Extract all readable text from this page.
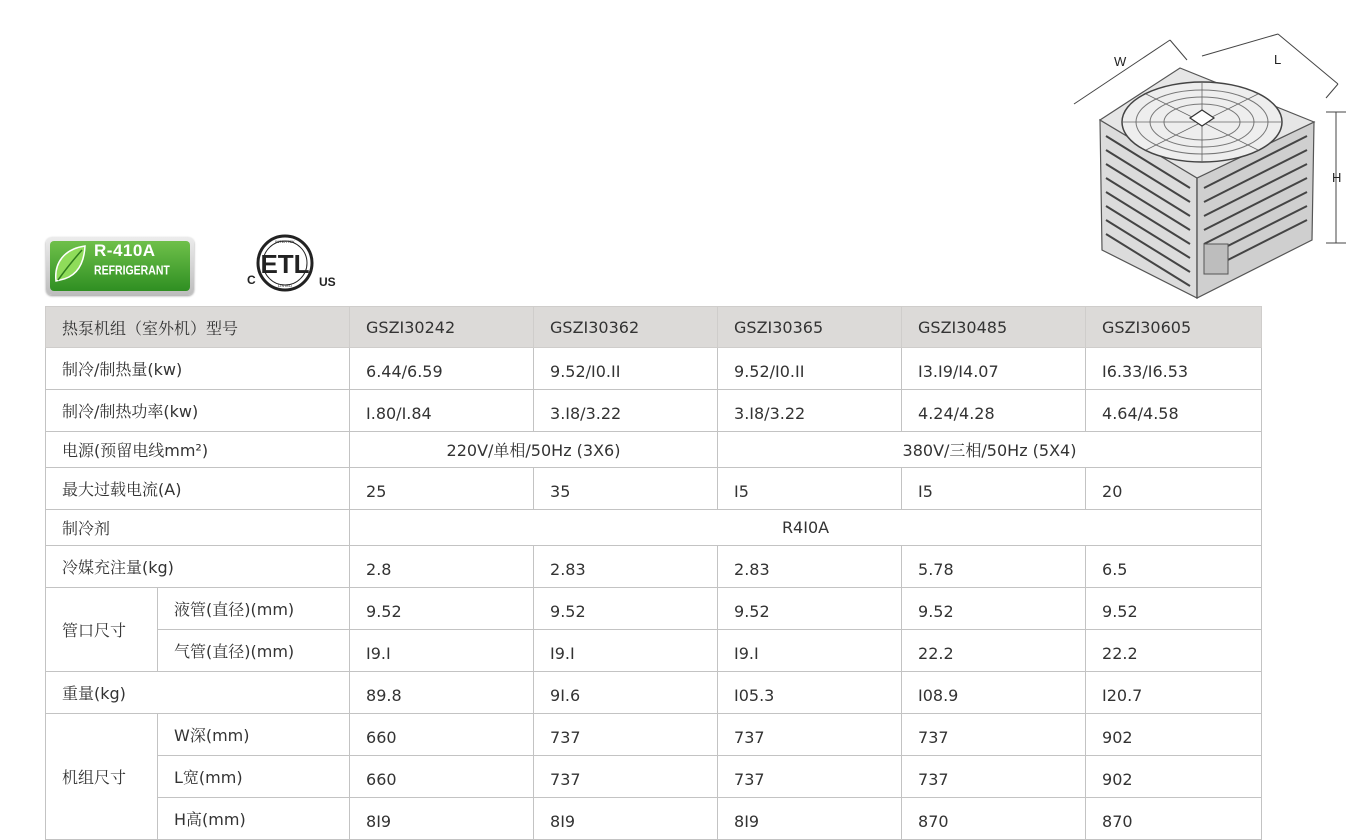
R-410A
REFRIGERANT
C
INTERTEK
LISTED
ETL
US
W	L
H
热泵机组（室外机）型号		GSZI30242	GSZI30362	GSZI30365	GSZI30485	GSZI30605
制冷/制热量(kw)		6.44/6.59	9.52/I0.II	9.52/I0.II	I3.I9/I4.07	I6.33/I6.53
制冷/制热功率(kw)		I.80/I.84	3.I8/3.22	3.I8/3.22	4.24/4.28	4.64/4.58
电源(预留电线mm²)		220V/单相/50Hz (3X6)		380V/三相/50Hz (5X4)		
最大过载电流(A)		25	35	I5	I5	20
制冷剂		R4I0A				
冷媒充注量(kg)		2.8	2.83	2.83	5.78	6.5
管口尺寸	液管(直径)(mm)	9.52	9.52	9.52	9.52	9.52
	气管(直径)(mm)	I9.I	I9.I	I9.I	22.2	22.2
重量(kg)		89.8	9I.6	I05.3	I08.9	I20.7
机组尺寸	W深(mm)	660	737	737	737	902
	L宽(mm)	660	737	737	737	902
	H高(mm)	8I9	8I9	8I9	870	870
